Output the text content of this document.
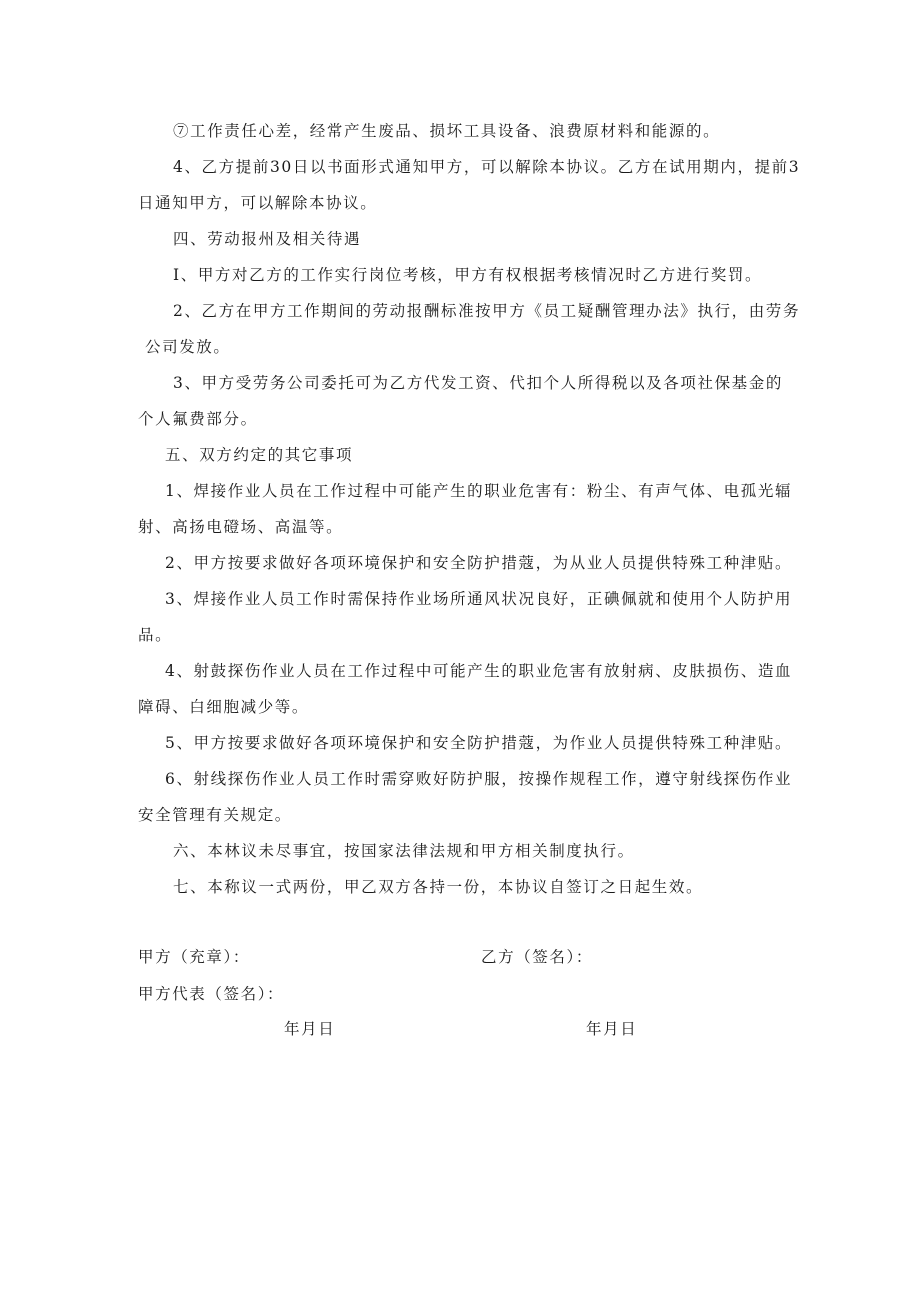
⑦工作责任心差，经常产生废品、损坏工具设备、浪费原材料和能源的。
4、乙方提前30日以书面形式通知甲方，可以解除本协议。乙方在试用期内，提前3
日通知甲方，可以解除本协议。
四、劳动报州及相关待遇
I、甲方对乙方的工作实行岗位考核，甲方有权根据考核情况时乙方进行奖罚。
2、乙方在甲方工作期间的劳动报酬标准按甲方《员工疑酬管理办法》执行，由劳务
公司发放。
3、甲方受劳务公司委托可为乙方代发工资、代扣个人所得税以及各项社保基金的
个人氟费部分。
五、双方约定的其它事项
1、焊接作业人员在工作过程中可能产生的职业危害有：粉尘、有声气体、电孤光辐
射、高扬电磴场、高温等。
2、甲方按要求做好各项环境保护和安全防护措蔻，为从业人员提供特殊工种津贴。
3、焊接作业人员工作时需保持作业场所通风状况良好，正碘佩就和使用个人防护用
品。
4、射鼓探伤作业人员在工作过程中可能产生的职业危害有放射病、皮肤损伤、造血
障碍、白细胞减少等。
5、甲方按要求做好各项环境保护和安全防护措蔻，为作业人员提供特殊工种津贴。
6、射线探伤作业人员工作时需穿败好防护服，按操作规程工作，遵守射线探伤作业
安全管理有关规定。
六、本林议未尽事宜，按国家法律法规和甲方相关制度执行。
七、本称议一式两份，甲乙双方各持一份，本协议自签订之日起生效。
甲方（充章）：	乙方（签名）：
甲方代表（签名）：
年月日	年月日
